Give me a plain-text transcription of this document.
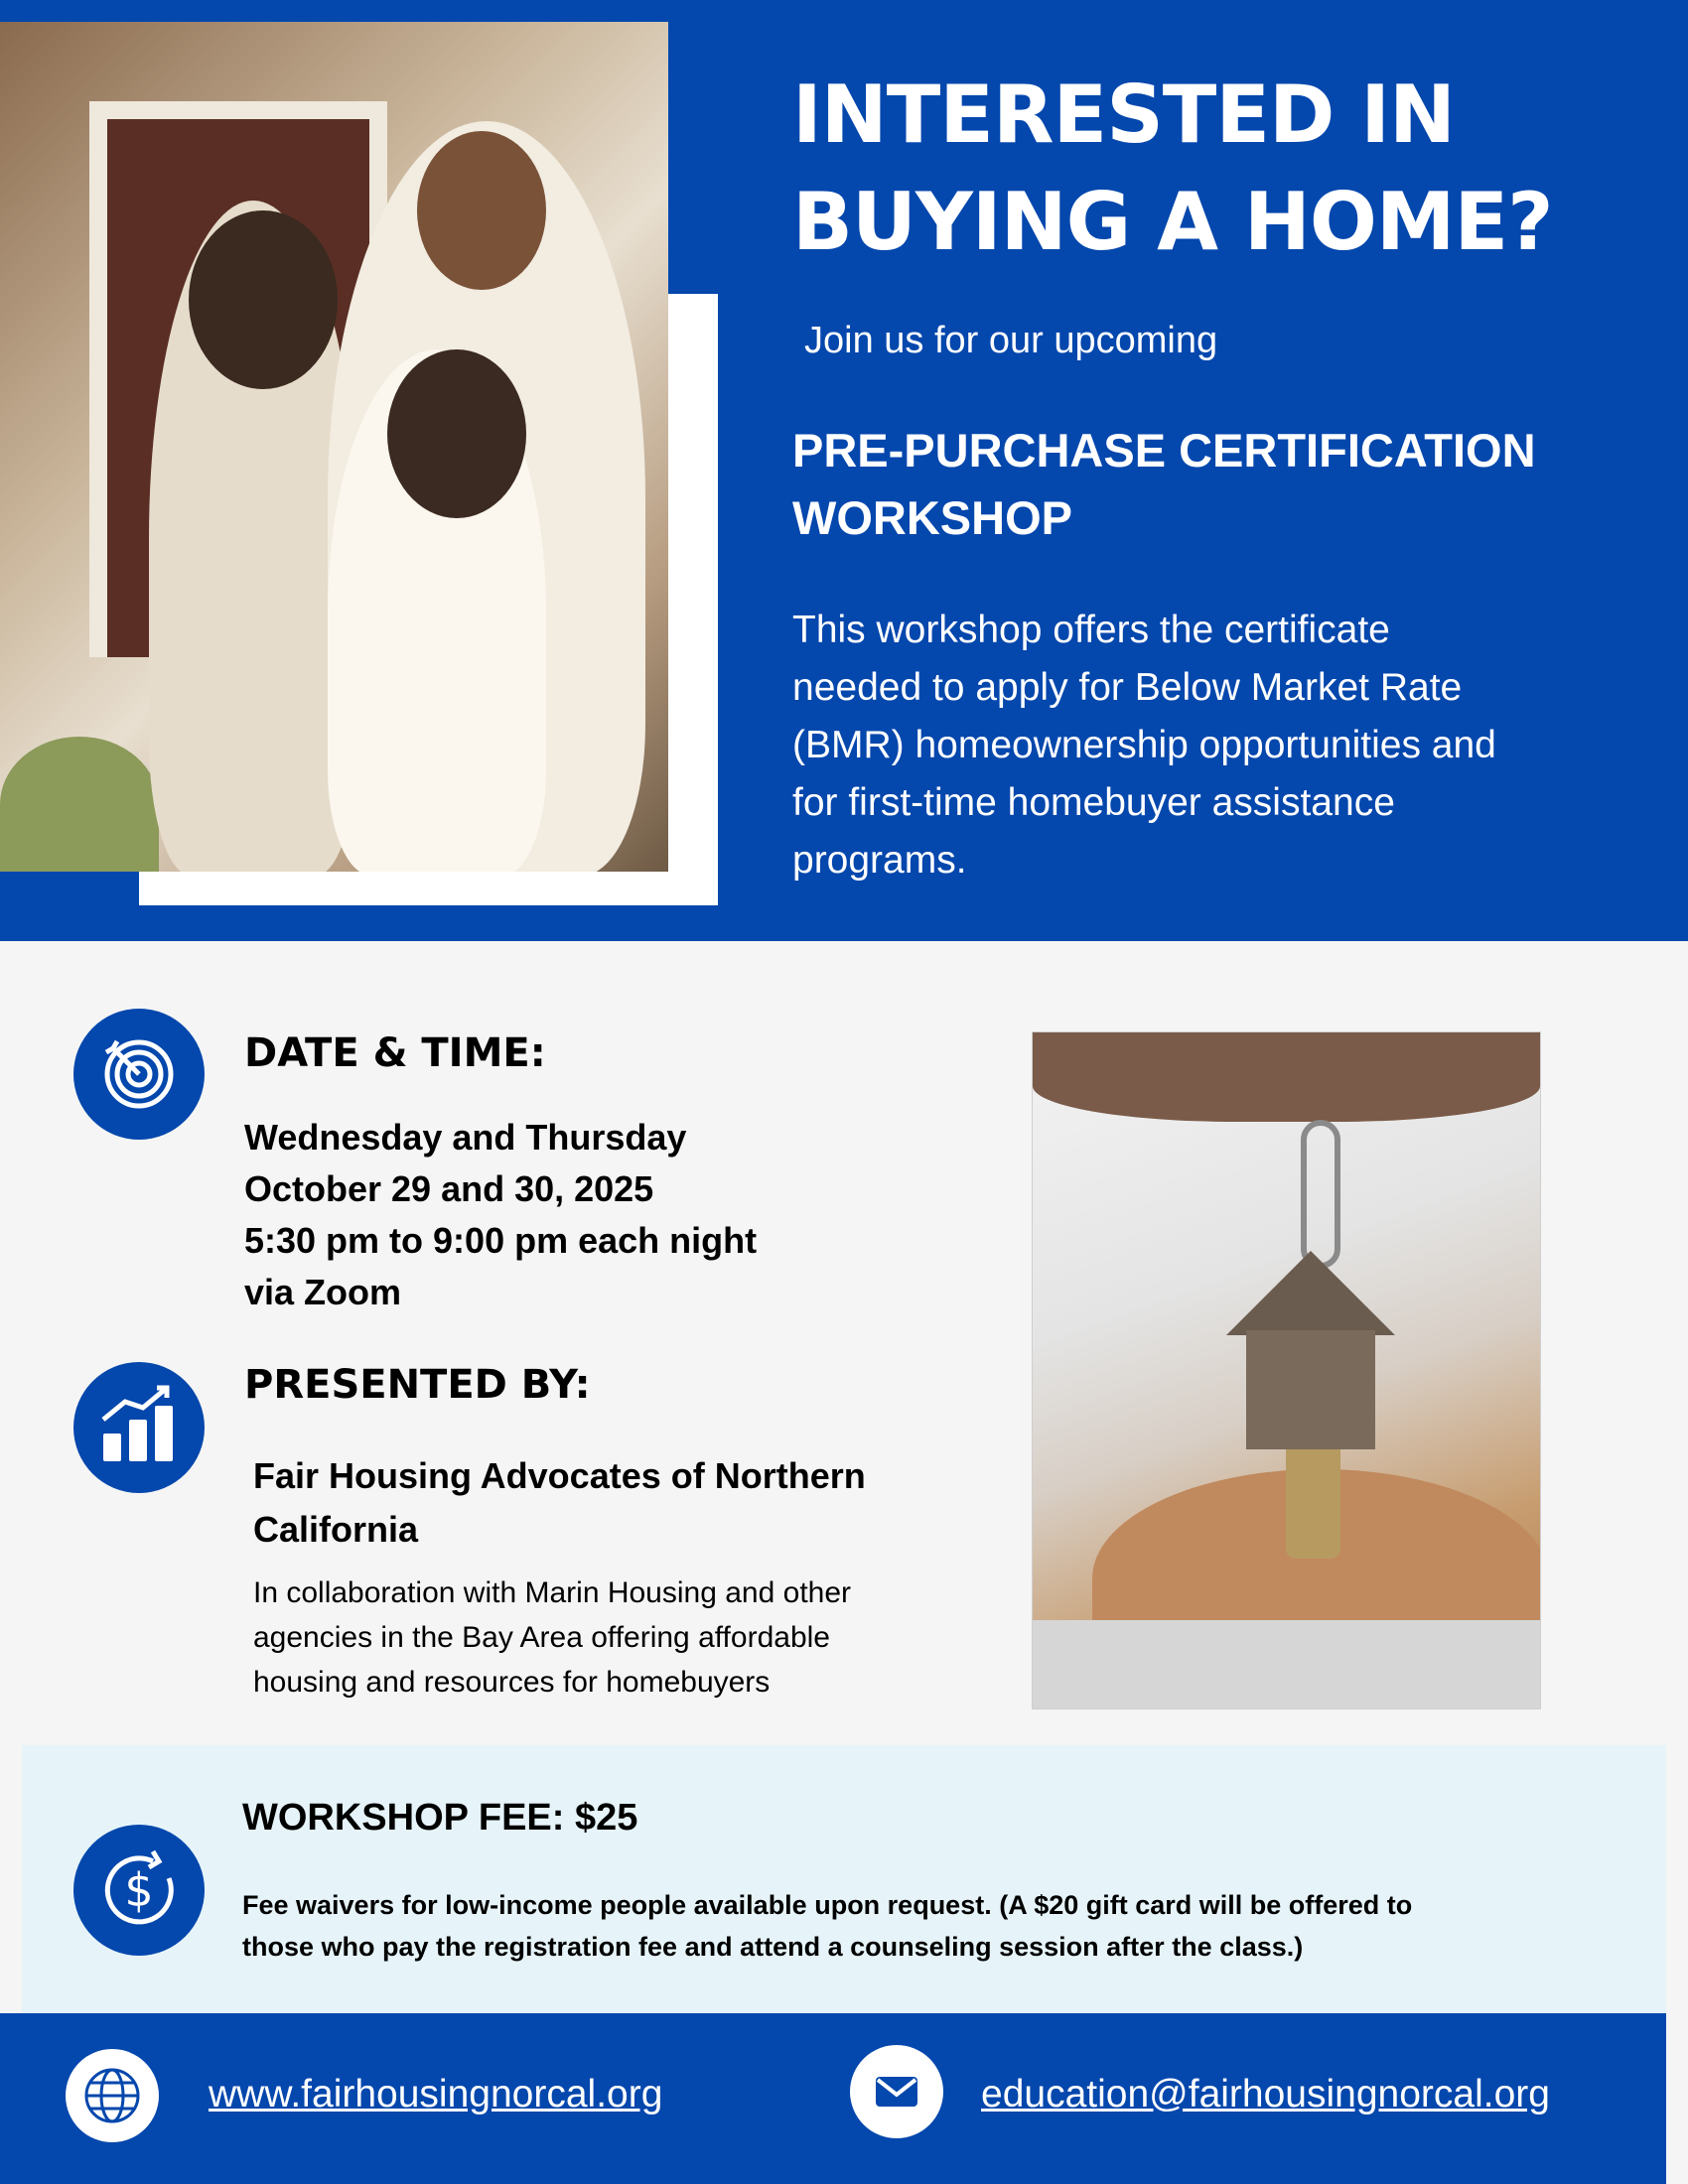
INTERESTED IN
BUYING A HOME?
Join us for our upcoming
PRE-PURCHASE CERTIFICATION
WORKSHOP
This workshop offers the certificate
needed to apply for Below Market Rate
(BMR) homeownership opportunities and
for first-time homebuyer assistance
programs.
DATE & TIME:
Wednesday and Thursday
October 29 and 30, 2025
5:30 pm to 9:00 pm each night
via Zoom
PRESENTED BY:
Fair Housing Advocates of Northern
California
In collaboration with Marin Housing and other
agencies in the Bay Area offering affordable
housing and resources for homebuyers
$
WORKSHOP FEE: $25
Fee waivers for low-income people available upon request. (A $20 gift card will be offered to
those who pay the registration fee and attend a counseling session after the class.)
www.fairhousingnorcal.org	education@fairhousingnorcal.org
